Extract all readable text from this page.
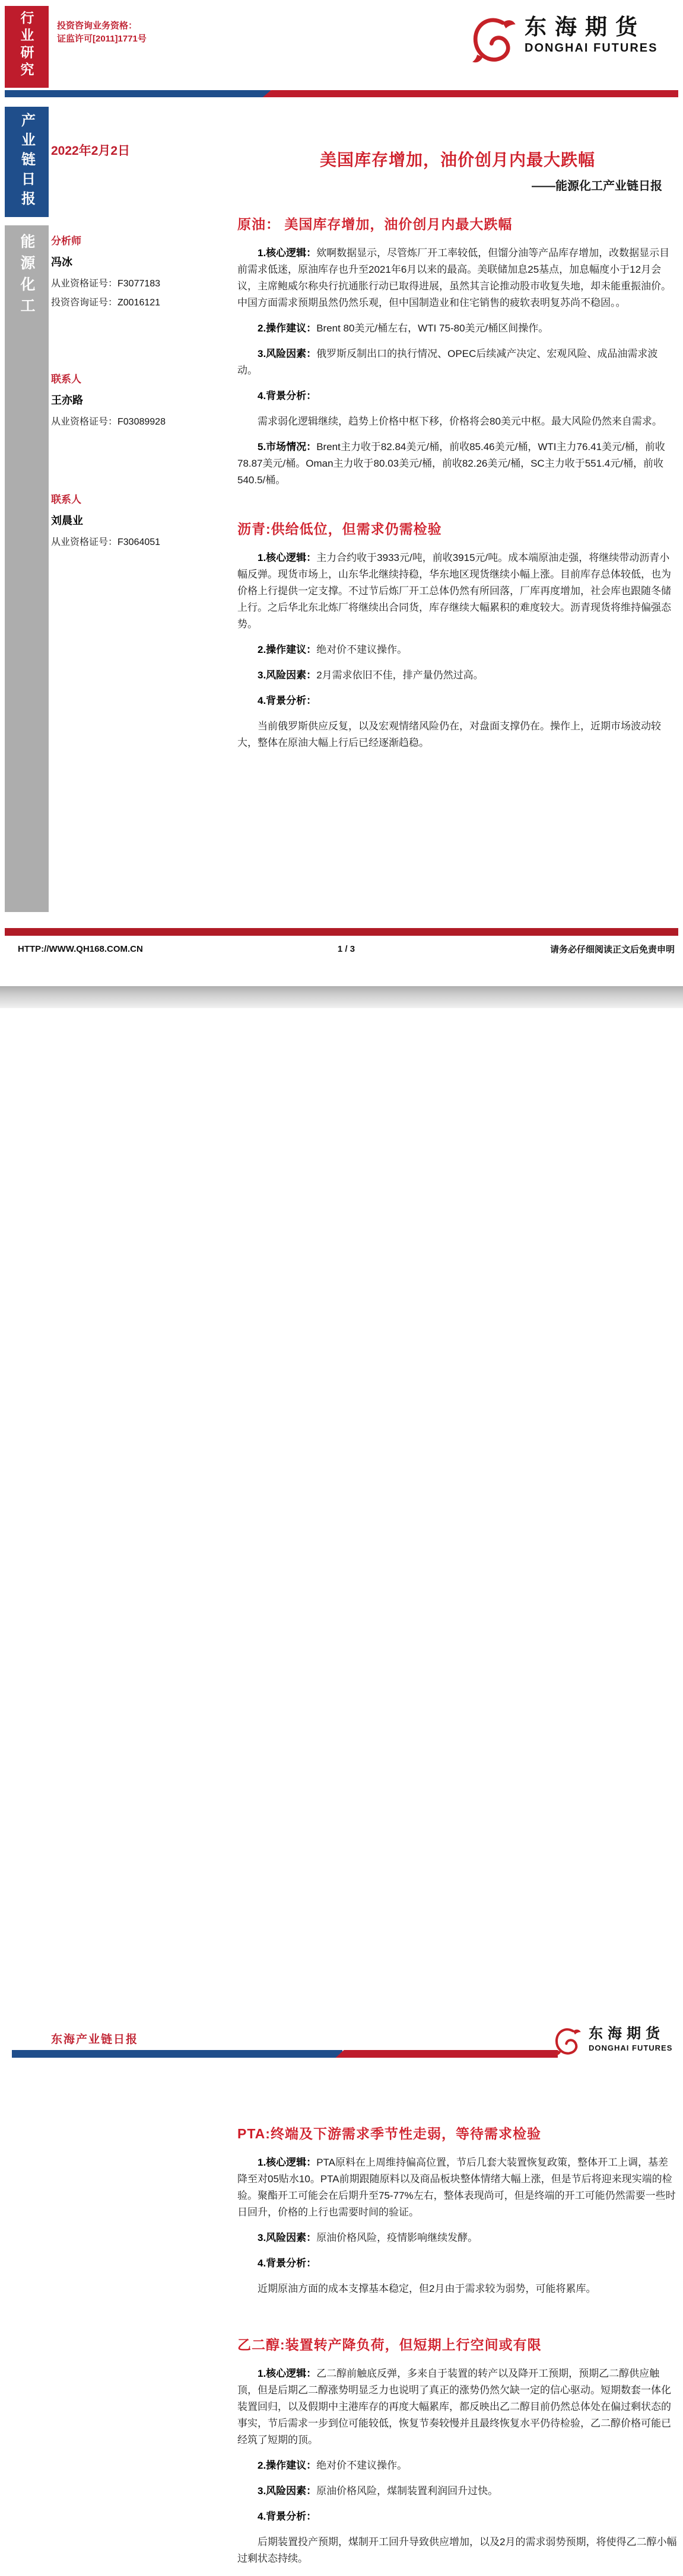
行业研究	投资咨询业务资格：
证监许可[2011]1771号	东海期货
DONGHAI FUTURES
产业链日报
能源化工
2022年2月2日	美国库存增加，油价创月内最大跌幅
——能源化工产业链日报
分析师
冯冰
从业资格证号：F3077183
投资咨询证号：Z0016121
联系人
王亦路
从业资格证号：F03089928
联系人
刘晨业
从业资格证号：F3064051
原油： 美国库存增加，油价创月内最大跌幅

1.核心逻辑：欸啊数据显示，尽管炼厂开工率较低，但馏分油等产品库存增加，改数据显示目前需求低迷，原油库存也升至2021年6月以来的最高。美联储加息25基点，加息幅度小于12月会议，主席鲍威尔称央行抗通胀行动已取得进展，虽然其言论推动股市收复失地，却未能重振油价。中国方面需求预期虽然仍然乐观，但中国制造业和住宅销售的疲软表明复苏尚不稳固。。

2.操作建议：Brent 80美元/桶左右，WTI 75-80美元/桶区间操作。

3.风险因素：俄罗斯反制出口的执行情况、OPEC后续减产决定、宏观风险、成品油需求波动。

4.背景分析：

需求弱化逻辑继续，趋势上价格中枢下移，价格将会80美元中枢。最大风险仍然来自需求。

5.市场情况：Brent主力收于82.84美元/桶，前收85.46美元/桶，WTI主力76.41美元/桶，前收78.87美元/桶。Oman主力收于80.03美元/桶，前收82.26美元/桶，SC主力收于551.4元/桶，前收540.5/桶。

沥青:供给低位，但需求仍需检验

1.核心逻辑：主力合约收于3933元/吨，前收3915元/吨。成本端原油走强，将继续带动沥青小幅反弹。现货市场上，山东华北继续持稳，华东地区现货继续小幅上涨。目前库存总体较低，也为价格上行提供一定支撑。不过节后炼厂开工总体仍然有所回落，厂库再度增加，社会库也跟随冬储上行。之后华北东北炼厂将继续出合同货，库存继续大幅累积的难度较大。沥青现货将维持偏强态势。

2.操作建议：绝对价不建议操作。

3.风险因素：2月需求依旧不佳，排产量仍然过高。

4.背景分析：

当前俄罗斯供应反复，以及宏观情绪风险仍在，对盘面支撑仍在。操作上，近期市场波动较大，整体在原油大幅上行后已经逐渐趋稳。

HTTP://WWW.QH168.COM.CN	1 / 3	请务必仔细阅读正文后免责申明
东海产业链日报	东海期货
DONGHAI FUTURES
PTA:终端及下游需求季节性走弱，等待需求检验

1.核心逻辑：PTA原料在上周维持偏高位置，节后几套大装置恢复政策，整体开工上调，基差降至对05贴水10。PTA前期跟随原料以及商品板块整体情绪大幅上涨，但是节后将迎来现实端的检验。聚酯开工可能会在后期升至75-77%左右，整体表现尚可，但是终端的开工可能仍然需要一些时日回升，价格的上行也需要时间的验证。

3.风险因素：原油价格风险，疫情影响继续发酵。

4.背景分析：

近期原油方面的成本支撑基本稳定，但2月由于需求较为弱势，可能将累库。

乙二醇:装置转产降负荷，但短期上行空间或有限

1.核心逻辑：乙二醇前触底反弹，多来自于装置的转产以及降开工预期，预期乙二醇供应触顶，但是后期乙二醇涨势明显乏力也说明了真正的涨势仍然欠缺一定的信心驱动。短期数套一体化装置回归，以及假期中主港库存的再度大幅累库，都反映出乙二醇目前仍然总体处在偏过剩状态的事实，节后需求一步到位可能较低，恢复节奏较慢并且最终恢复水平仍待检验，乙二醇价格可能已经筑了短期的顶。

2.操作建议：绝对价不建议操作。

3.风险因素：原油价格风险，煤制装置利润回升过快。

4.背景分析：

后期装置投产预期，煤制开工回升导致供应增加，以及2月的需求弱势预期，将使得乙二醇小幅过剩状态持续。
